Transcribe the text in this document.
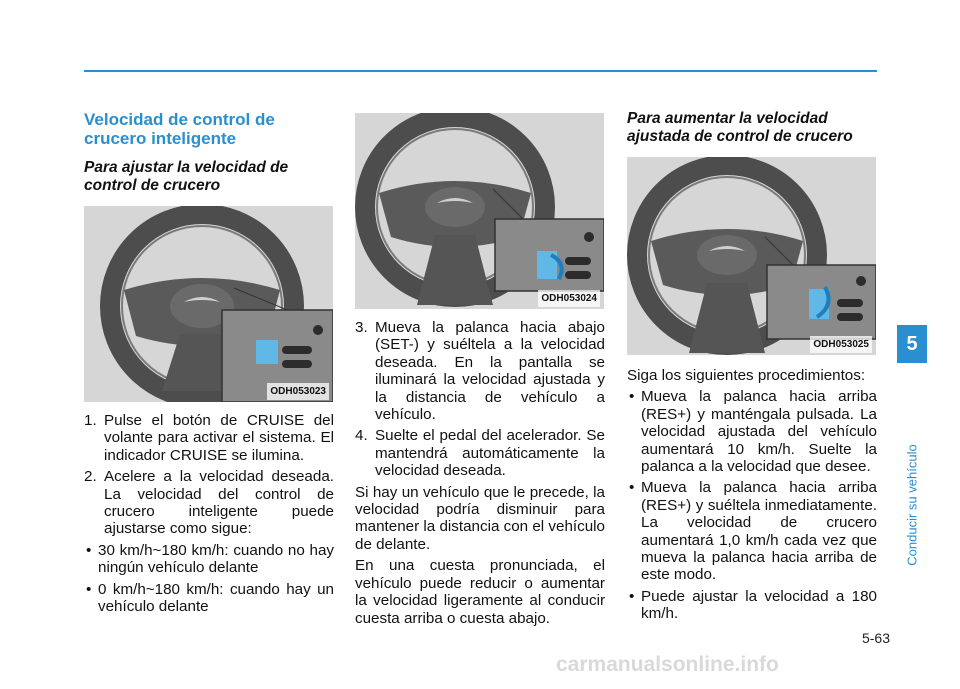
Velocidad de control de crucero inteligente
Para ajustar la velocidad de control de crucero
ODH053023
1. Pulse el botón de CRUISE del volante para activar el sistema. El indicador CRUISE se ilumina.
2. Acelere a la velocidad deseada. La velocidad del control de crucero inteligente puede ajustarse como sigue:
• 30 km/h~180 km/h: cuando no hay ningún vehículo delante
• 0 km/h~180 km/h: cuando hay un vehículo delante
ODH053024
3. Mueva la palanca hacia abajo (SET-) y suéltela a la velocidad deseada. En la pantalla se iluminará la velocidad ajustada y la distancia de vehículo a vehículo.
4. Suelte el pedal del acelerador. Se mantendrá automáticamente la velocidad deseada.

Si hay un vehículo que le precede, la velocidad podría disminuir para mantener la distancia con el vehículo de delante.

En una cuesta pronunciada, el vehículo puede reducir o aumentar la velocidad ligeramente al conducir cuesta arriba o cuesta abajo.

Para aumentar la velocidad ajustada de control de crucero
ODH053025

Siga los siguientes procedimientos:

• Mueva la palanca hacia arriba (RES+) y manténgala pulsada. La velocidad ajustada del vehículo aumentará 10 km/h. Suelte la palanca a la velocidad que desee.
• Mueva la palanca hacia arriba (RES+) y suéltela inmediatamente. La velocidad de crucero aumentará 1,0 km/h cada vez que mueva la palanca hacia arriba de este modo.
• Puede ajustar la velocidad a 180 km/h.
5
Conducir su vehículo
5-63
carmanualsonline.info
